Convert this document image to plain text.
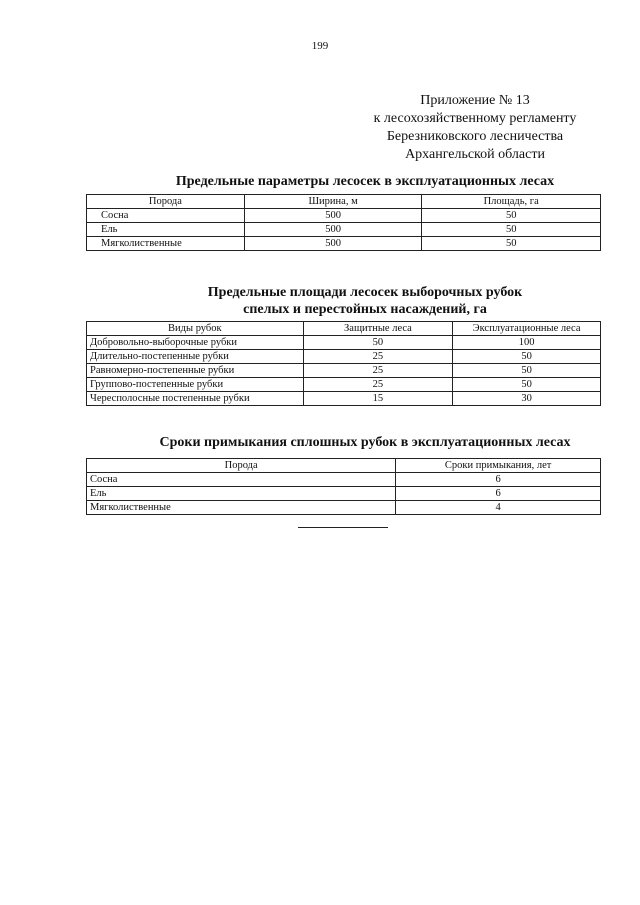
199
Приложение № 13
к лесохозяйственному регламенту
Березниковского лесничества
Архангельской области
Предельные параметры лесосек в эксплуатационных лесах
Порода	Ширина, м	Площадь, га
Сосна	500	50
Ель	500	50
Мягколиственные	500	50
Предельные площади лесосек выборочных рубок
спелых и перестойных насаждений, га
Виды рубок	Защитные леса	Эксплуатационные леса
Добровольно-выборочные рубки	50	100
Длительно-постепенные рубки	25	50
Равномерно-постепенные рубки	25	50
Группово-постепенные рубки	25	50
Чересполосные постепенные рубки	15	30
Сроки примыкания сплошных рубок в эксплуатационных лесах
Порода	Сроки примыкания, лет
Сосна	6
Ель	6
Мягколиственные	4
